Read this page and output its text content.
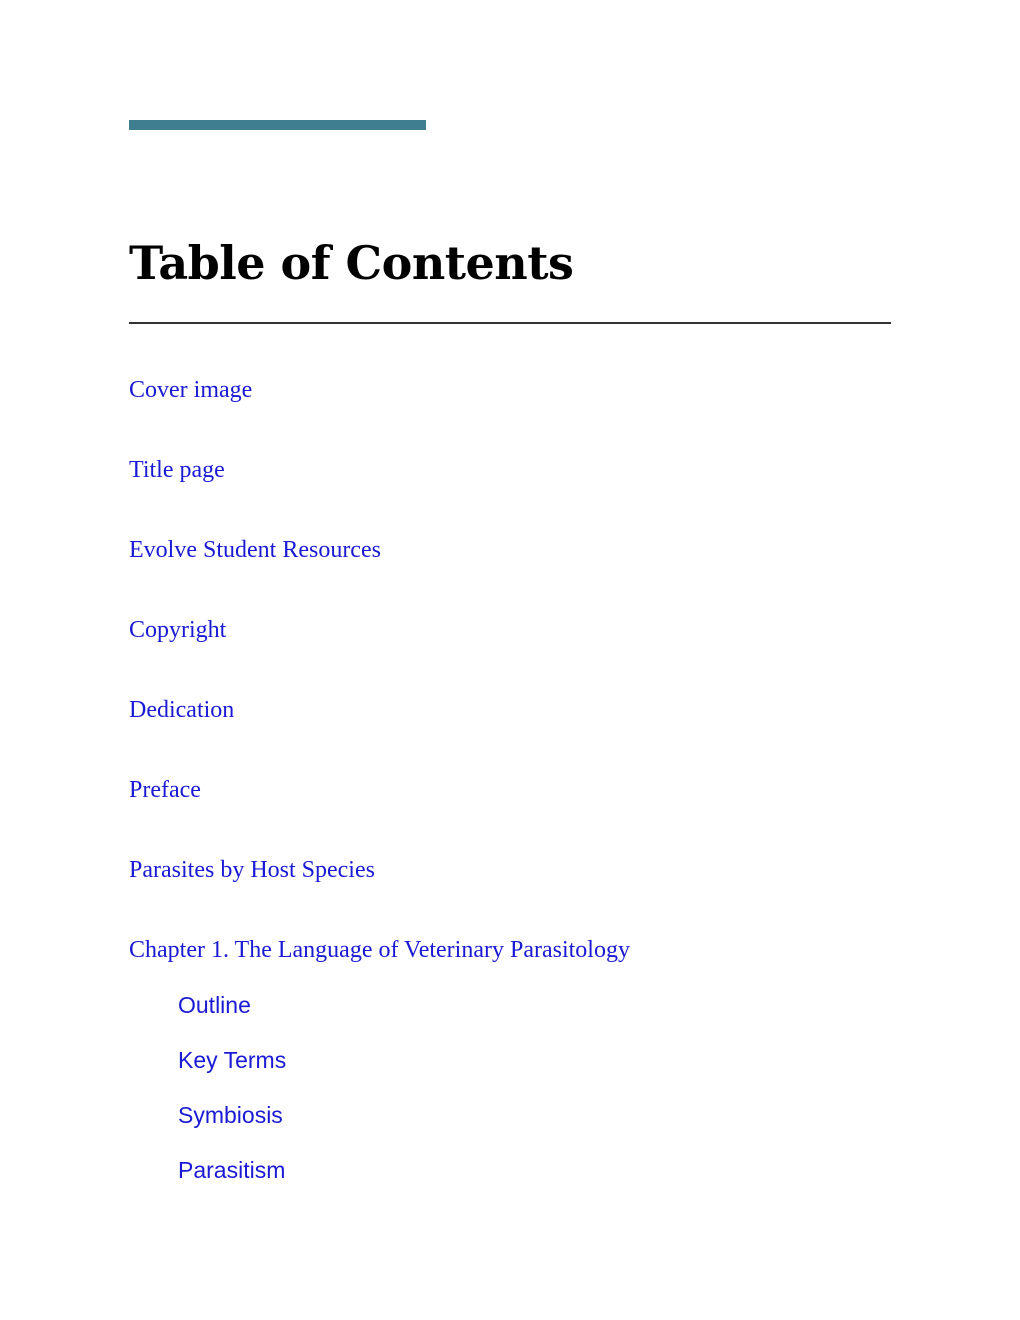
Table of Contents
Cover image
Title page
Evolve Student Resources
Copyright
Dedication
Preface
Parasites by Host Species
Chapter 1. The Language of Veterinary Parasitology
Outline
Key Terms
Symbiosis
Parasitism
